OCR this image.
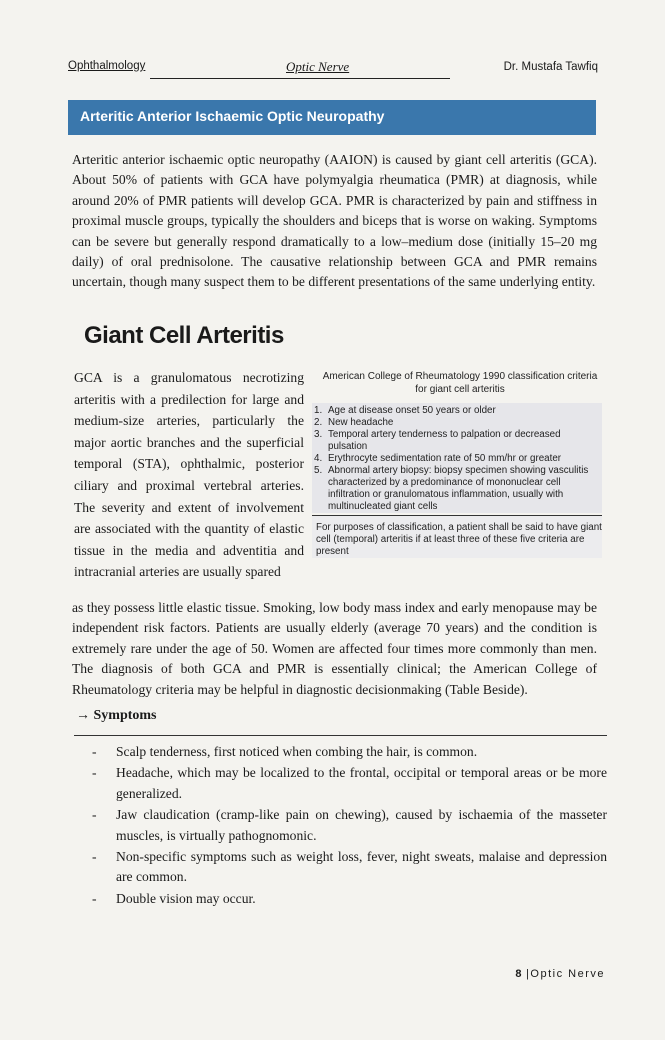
Ophthalmology	Optic Nerve	Dr. Mustafa Tawfiq
Arteritic Anterior Ischaemic Optic Neuropathy

Arteritic anterior ischaemic optic neuropathy (AAION) is caused by giant cell arteritis (GCA). About 50% of patients with GCA have polymyalgia rheumatica (PMR) at diagnosis, while around 20% of PMR patients will develop GCA. PMR is characterized by pain and stiffness in proximal muscle groups, typically the shoulders and biceps that is worse on waking. Symptoms can be severe but generally respond dramatically to a low–medium dose (initially 15–20 mg daily) of oral prednisolone. The causative relationship between GCA and PMR remains uncertain, though many suspect them to be different presentations of the same underlying entity.

Giant Cell Arteritis

GCA is a granulomatous necrotizing arteritis with a predilection for large and medium-size arteries, particularly the major aortic branches and the superficial temporal (STA), ophthalmic, posterior ciliary and proximal vertebral arteries. The severity and extent of involvement are associated with the quantity of elastic tissue in the media and adventitia and intracranial arteries are usually spared

American College of Rheumatology 1990 classification criteria for giant cell arteritis
1. Age at disease onset 50 years or older
2. New headache
3. Temporal artery tenderness to palpation or decreased pulsation
4. Erythrocyte sedimentation rate of 50 mm/hr or greater
5. Abnormal artery biopsy: biopsy specimen showing vasculitis characterized by a predominance of mononuclear cell infiltration or granulomatous inflammation, usually with multinucleated giant cells
For purposes of classification, a patient shall be said to have giant cell (temporal) arteritis if at least three of these five criteria are present

as they possess little elastic tissue. Smoking, low body mass index and early menopause may be independent risk factors. Patients are usually elderly (average 70 years) and the condition is extremely rare under the age of 50. Women are affected four times more commonly than men. The diagnosis of both GCA and PMR is essentially clinical; the American College of Rheumatology criteria may be helpful in diagnostic decisionmaking (Table Beside).

→ Symptoms
- Scalp tenderness, first noticed when combing the hair, is common.
- Headache, which may be localized to the frontal, occipital or temporal areas or be more generalized.
- Jaw claudication (cramp-like pain on chewing), caused by ischaemia of the masseter muscles, is virtually pathognomonic.
- Non-specific symptoms such as weight loss, fever, night sweats, malaise and depression are common.
- Double vision may occur.
8 |Optic Nerve
